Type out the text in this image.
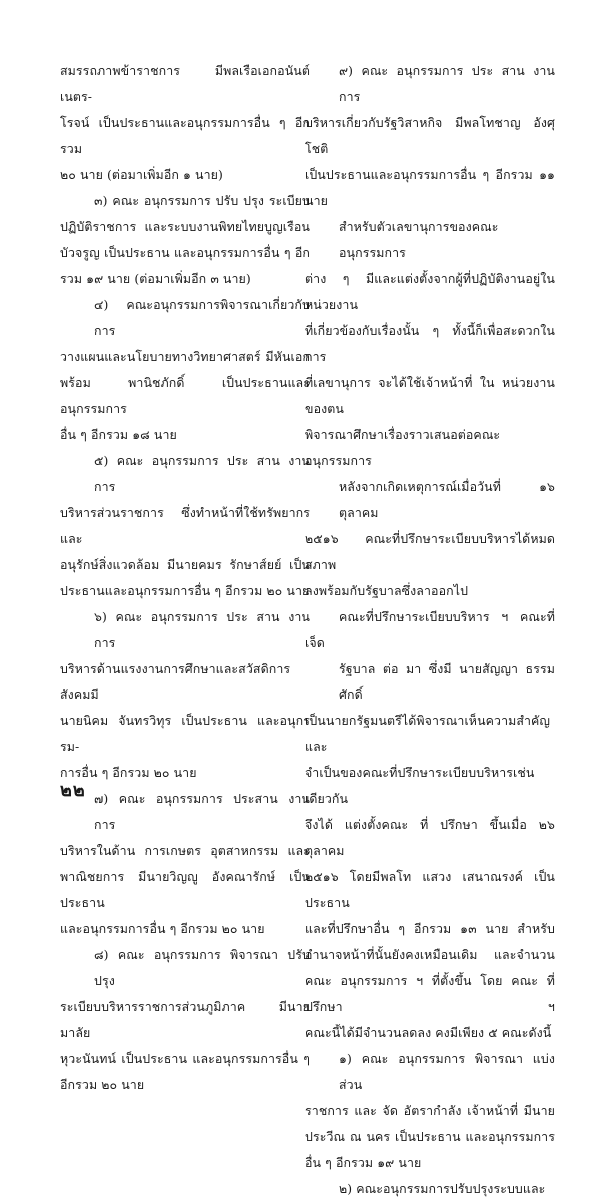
สมรรถภาพข้าราชการ มีพลเรือเอกอนันต์ เนตร-

โรจน์ เป็นประธานและอนุกรรมการอื่น ๆ อีกรวม

๒๐ นาย (ต่อมาเพิ่มอีก ๑ นาย)

๓) คณะ อนุกรรมการ ปรับ ปรุง ระเบียบ

ปฏิบัติราชการ และระบบงานพิทยไทยบูญเรือน

บัวจรูญ เป็นประธาน และอนุกรรมการอื่น ๆ อีก

รวม ๑๙ นาย (ต่อมาเพิ่มอีก ๓ นาย)

๔) คณะอนุกรรมการพิจารณาเกี่ยวกับการ

วางแผนและนโยบายทางวิทยาศาสตร์ มีหันเอก

พร้อม พานิชภักดิ์ เป็นประธานและอนุกรรมการ

อื่น ๆ อีกรวม ๑๘ นาย

๕) คณะ อนุกรรมการ ประ สาน งาน การ

บริหารส่วนราชการ ซึ่งทำหน้าที่ใช้ทรัพยากรและ

อนุรักษ์สิ่งแวดล้อม มีนายคมร รักษาส์ยย์ เป็น

ประธานและอนุกรรมการอื่น ๆ อีกรวม ๒๐ นาย

๖) คณะ อนุกรรมการ ประ สาน งาน การ

บริหารด้านแรงงานการศึกษาและสวัสดิการสังคมมี

นายนิคม จันทรวิทุร เป็นประธาน และอนุกรรม-

การอื่น ๆ อีกรวม ๒๐ นาย

๗) คณะ อนุกรรมการ ประสาน งาน การ

บริหารในด้าน การเกษตร อุตสาหกรรม และ

พาณิชยการ มีนายวิญญู อังคณารักษ์ เป็นประธาน

และอนุกรรมการอื่น ๆ อีกรวม ๒๐ นาย

๘) คณะ อนุกรรมการ พิจารณา ปรับ ปรุง

ระเบียบบริหารราชการส่วนภูมิภาค มีนายมาลัย

หุวะนันทน์ เป็นประธาน และอนุกรรมการอื่น ๆ

อีกรวม ๒๐ นาย

๙) คณะ อนุกรรมการ ประ สาน งาน การ

บริหารเกี่ยวกับรัฐวิสาหกิจ มีพลโทชาญ อังศุโชติ

เป็นประธานและอนุกรรมการอื่น ๆ อีกรวม ๑๑ นาย

สำหรับตัวเลขานุการของคณะอนุกรรมการ

ต่าง ๆ มีและแต่งตั้งจากผู้ที่ปฏิบัติงานอยู่ในหน่วยงาน

ที่เกี่ยวข้องกับเรื่องนั้น ๆ ทั้งนี้ก็เพื่อสะดวกในการ

ที่เลขานุการ จะได้ใช้เจ้าหน้าที่ ใน หน่วยงาน ของตน

พิจารณาศึกษาเรื่องราวเสนอต่อคณะอนุกรรมการ

หลังจากเกิดเหตุการณ์เมื่อวันที่ ๑๖ ตุลาคม

๒๕๑๖ คณะที่ปรึกษาระเบียบบริหารได้หมดสภาพ

ลงพร้อมกับรัฐบาลซึ่งลาออกไป

คณะที่ปรึกษาระเบียบบริหาร ฯ คณะที่

เจ็ด

รัฐบาล ต่อ มา ซึ่งมี นายสัญญา ธรรมศักดิ์

เป็นนายกรัฐมนตรีได้พิจารณาเห็นความสำคัญและ

จำเป็นของคณะที่ปรึกษาระเบียบบริหารเช่นเดียวกัน

จึงได้ แต่งตั้งคณะ ที่ ปรึกษา ขึ้นเมื่อ ๒๖ ตุลาคม

๒๕๑๖ โดยมีพลโท แสวง เสนาณรงค์ เป็นประธาน

และที่ปรึกษาอื่น ๆ อีกรวม ๑๓ นาย สำหรับ

อำนาจหน้าที่นั้นยังคงเหมือนเดิม และจำนวน

คณะ อนุกรรมการ ฯ ที่ตั้งขึ้น โดย คณะ ที่ปรึกษา ฯ

คณะนี้ได้มีจำนวนลดลง คงมีเพียง ๕ คณะดังนี้

๑) คณะ อนุกรรมการ พิจารณา แบ่งส่วน

ราชการ และ จัด อัตรากำลัง เจ้าหน้าที่ มีนาย

ประวีณ ณ นคร เป็นประธาน และอนุกรรมการ

อื่น ๆ อีกรวม ๑๙ นาย

๒) คณะอนุกรรมการปรับปรุงระบบและ

๒๒
